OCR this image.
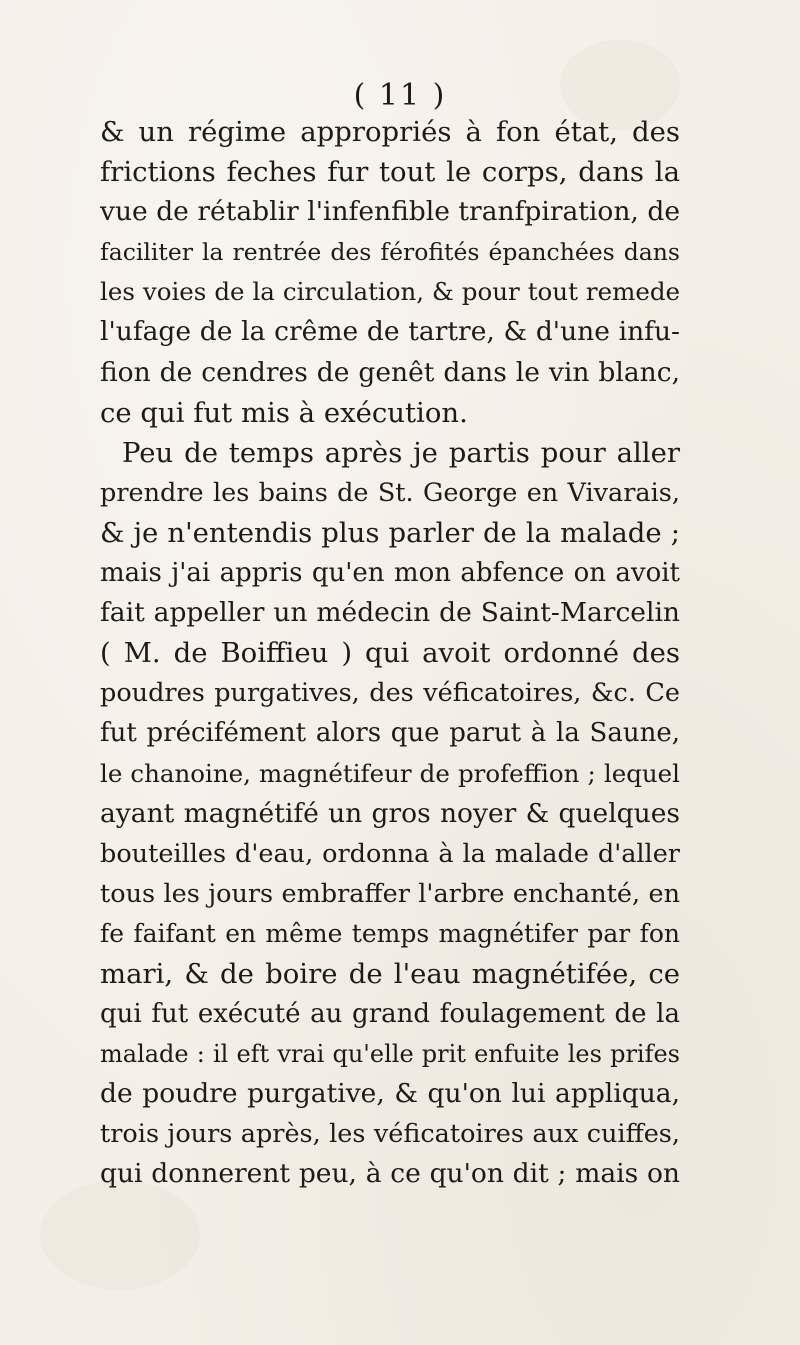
( 11 )
& un régime appropriés à fon état, des
frictions feches fur tout le corps, dans la
vue de rétablir l'infenfible tranfpiration, de
faciliter la rentrée des férofités épanchées dans
les voies de la circulation, & pour tout remede
l'ufage de la crême de tartre, & d'une infu-
fion de cendres de genêt dans le vin blanc,
ce qui fut mis à exécution.
Peu de temps après je partis pour aller
prendre les bains de St. George en Vivarais,
& je n'entendis plus parler de la malade ;
mais j'ai appris qu'en mon abfence on avoit
fait appeller un médecin de Saint-Marcelin
( M. de Boiffieu ) qui avoit ordonné des
poudres purgatives, des véficatoires, &c. Ce
fut précifément alors que parut à la Saune,
le chanoine, magnétifeur de profeffion ; lequel
ayant magnétifé un gros noyer & quelques
bouteilles d'eau, ordonna à la malade d'aller
tous les jours embraffer l'arbre enchanté, en
fe faifant en même temps magnétifer par fon
mari, & de boire de l'eau magnétifée, ce
qui fut exécuté au grand foulagement de la
malade : il eft vrai qu'elle prit enfuite les prifes
de poudre purgative, & qu'on lui appliqua,
trois jours après, les véficatoires aux cuiffes,
qui donnerent peu, à ce qu'on dit ; mais on
